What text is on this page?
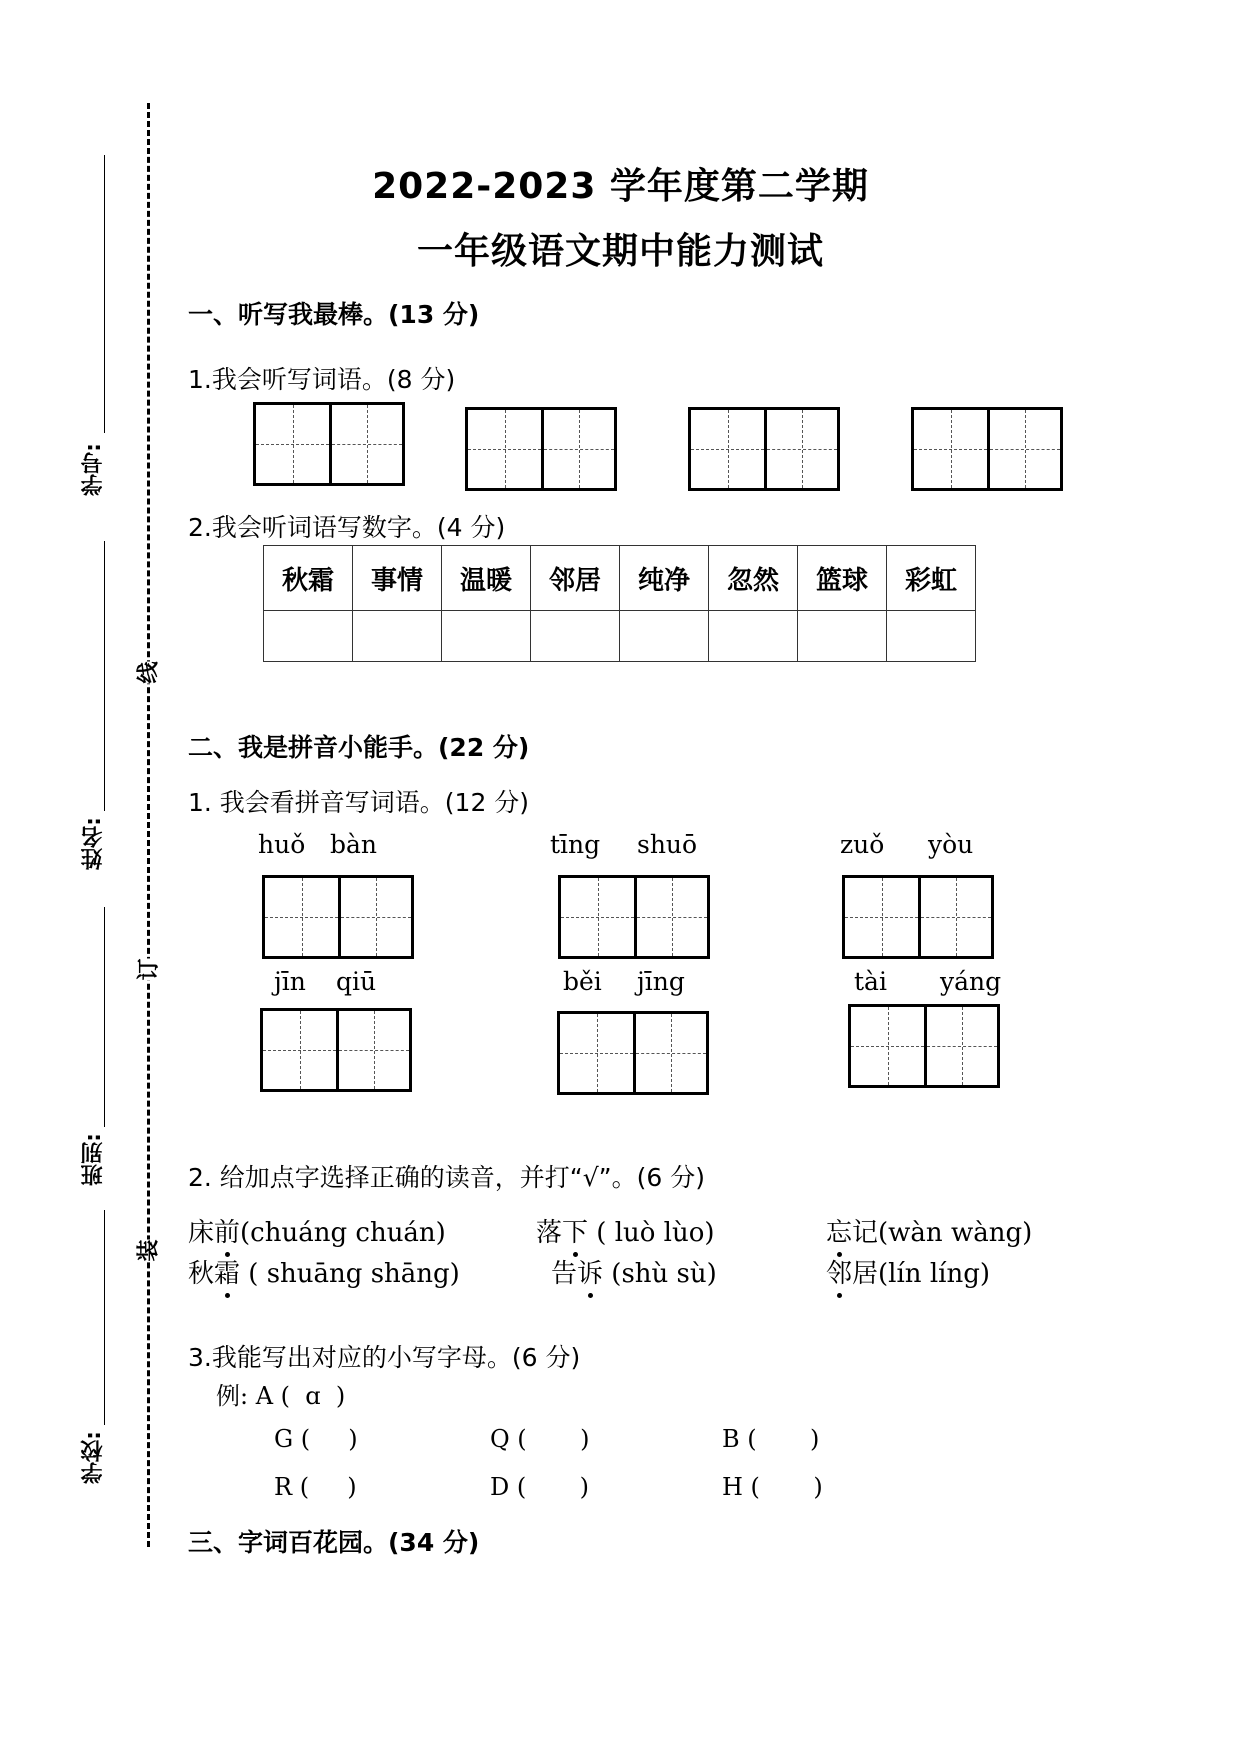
学号:
姓名:
班别:
学校:
线
订
装
2022-2023 学年度第二学期
一年级语文期中能力测试
一、听写我最棒。(13 分)
1.我会听写词语。(8 分)
2.我会听词语写数字。(4 分)
秋霜	事情	温暖	邻居	纯净	忽然	篮球	彩虹

二、我是拼音小能手。(22 分)
1. 我会看拼音写词语。(12 分)
huǒ bàn	tīng shuō	zuǒ yòu
jīn qiū	běi jīng	tài yáng
2. 给加点字选择正确的读音，并打“√”。(6 分)
床前(chuáng chuán)	落下 ( luò lùo)	忘记(wàn wàng)
秋霜 ( shuāng shāng)	告诉 (shù sù)	邻居(lín líng)
3.我能写出对应的小写字母。(6 分)
例: A (  ɑ  )
G (     )	Q (       )	B (       )
R (     )	D (       )	H (       )
三、字词百花园。(34 分)
